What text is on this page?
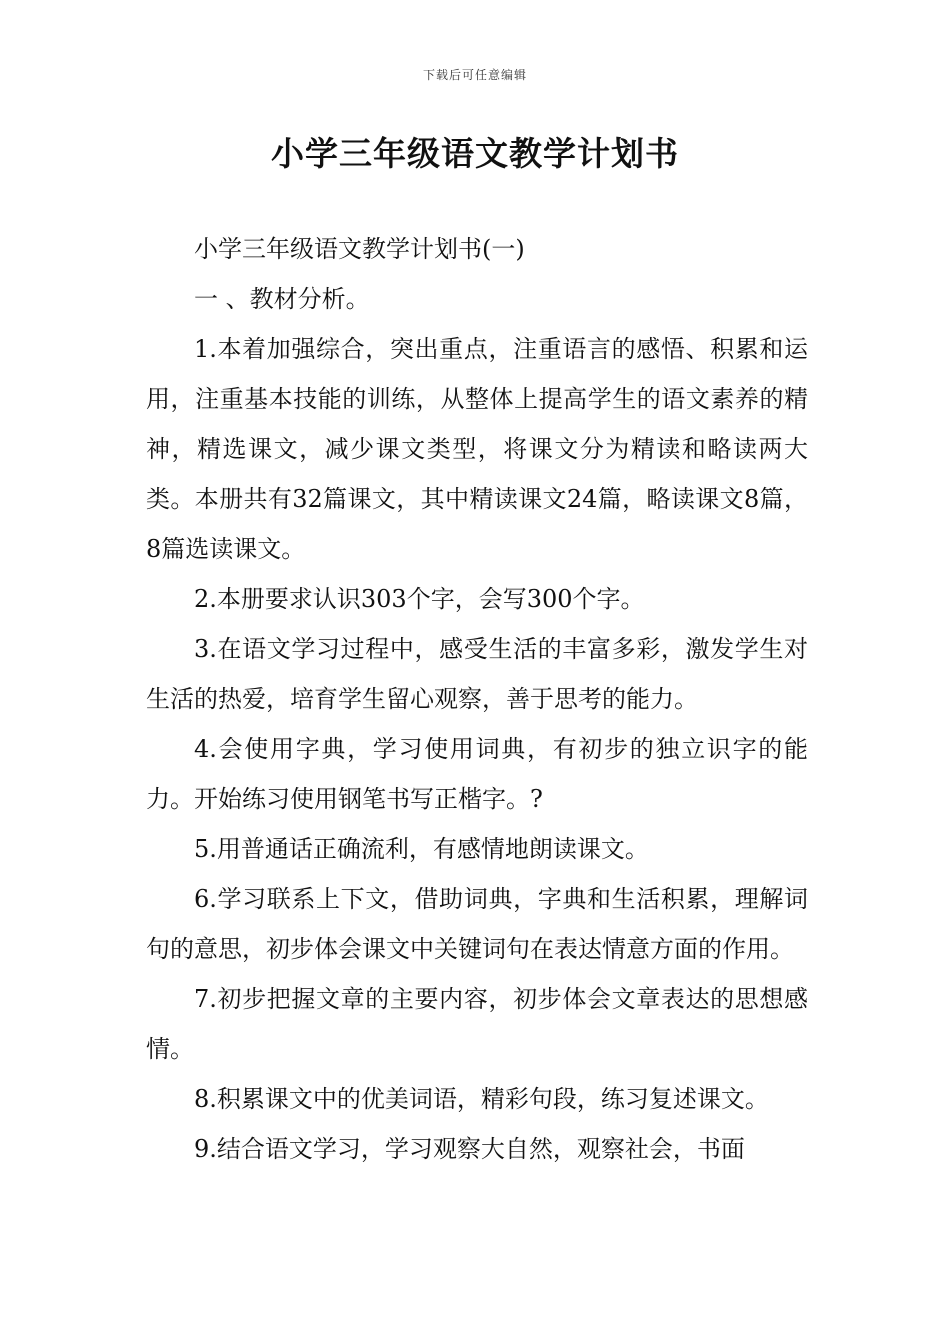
下载后可任意编辑
小学三年级语文教学计划书

小学三年级语文教学计划书(一)

一 、教材分析。

1.本着加强综合，突出重点，注重语言的感悟、积累和运用，注重基本技能的训练，从整体上提高学生的语文素养的精神，精选课文，减少课文类型，将课文分为精读和略读两大类。本册共有32篇课文，其中精读课文24篇，略读课文8篇，8篇选读课文。

2.本册要求认识303个字，会写300个字。

3.在语文学习过程中，感受生活的丰富多彩，激发学生对生活的热爱，培育学生留心观察，善于思考的能力。

4.会使用字典，学习使用词典，有初步的独立识字的能力。开始练习使用钢笔书写正楷字。?

5.用普通话正确流利，有感情地朗读课文。

6.学习联系上下文，借助词典，字典和生活积累，理解词句的意思，初步体会课文中关键词句在表达情意方面的作用。

7.初步把握文章的主要内容，初步体会文章表达的思想感情。

8.积累课文中的优美词语，精彩句段，练习复述课文。

9.结合语文学习，学习观察大自然，观察社会，书面
